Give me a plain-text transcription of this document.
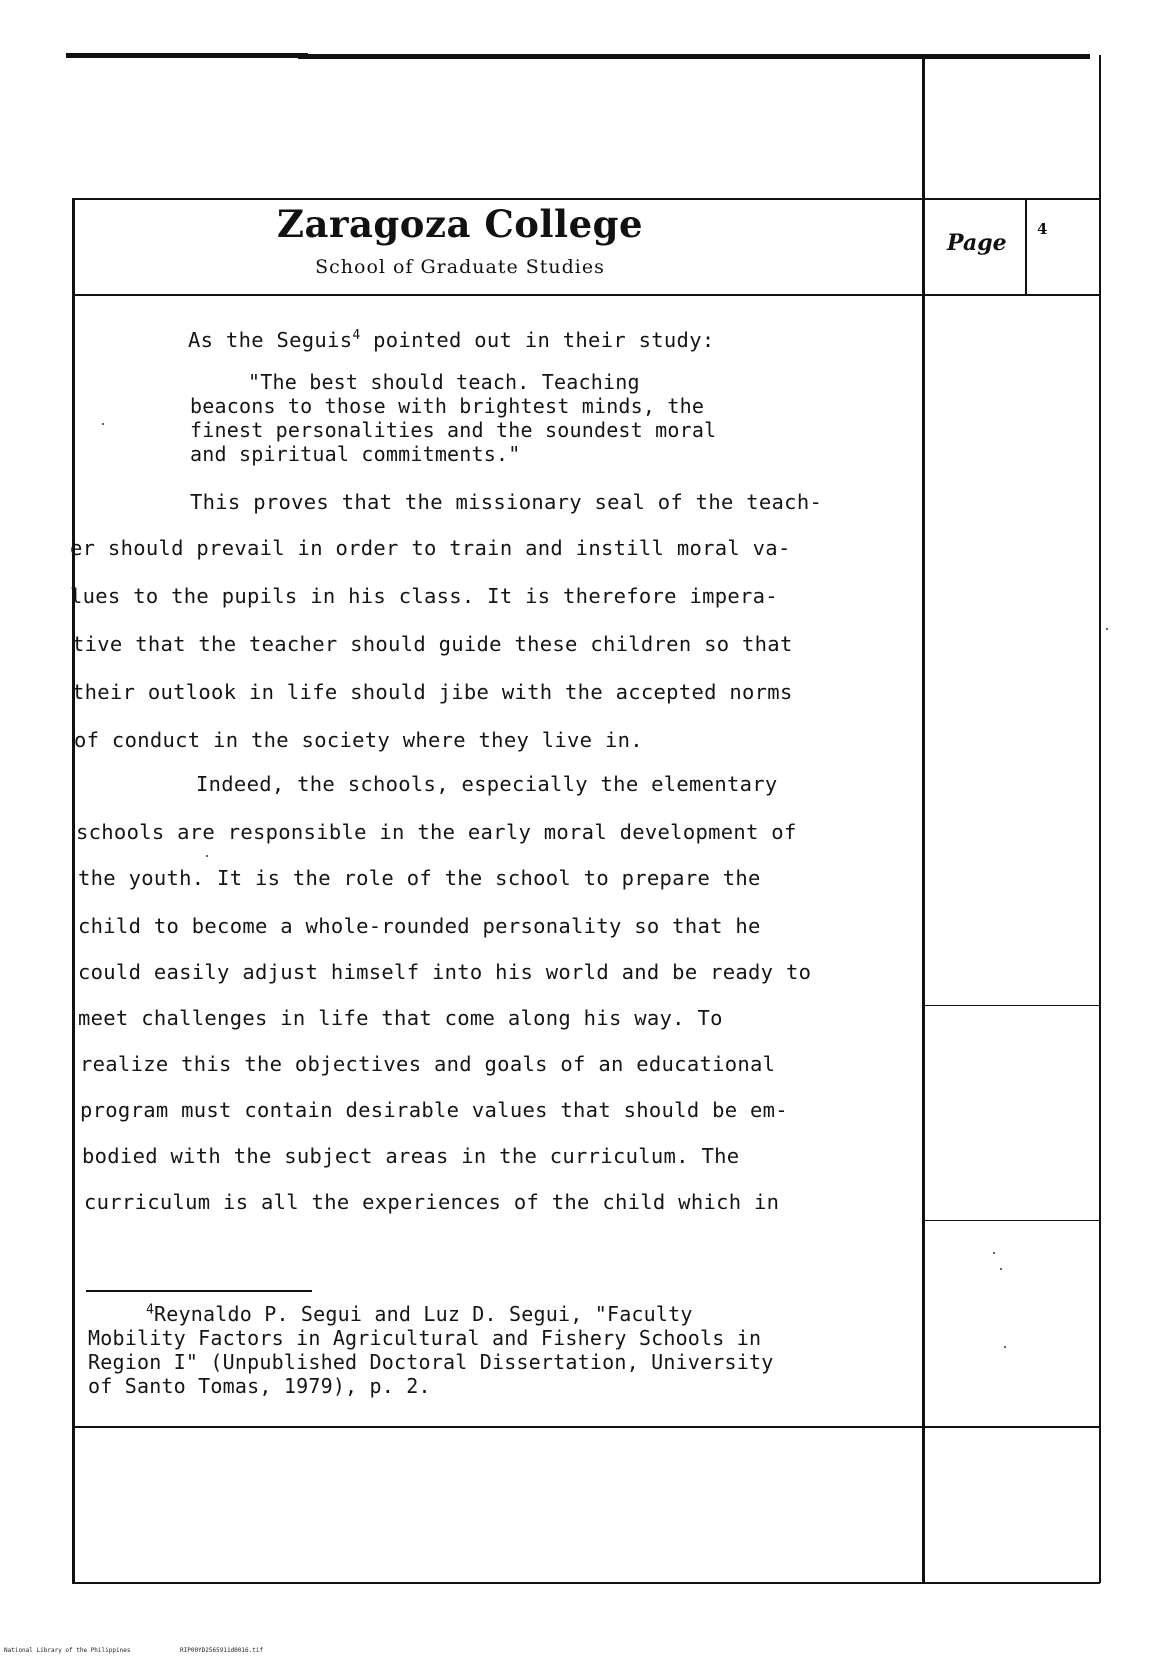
Zaragoza College
School of Graduate Studies
Page
4
As the Seguis$^4$ pointed out in their study:
"The best should teach. Teaching
beacons to those with brightest minds, the
finest personalities and the soundest moral
and spiritual commitments."
This proves that the missionary seal of the teach-
er should prevail in order to train and instill moral va-
lues to the pupils in his class. It is therefore impera-
tive that the teacher should guide these children so that
their outlook in life should jibe with the accepted norms
of conduct in the society where they live in.
Indeed, the schools, especially the elementary
schools are responsible in the early moral development of
the youth. It is the role of the school to prepare the
child to become a whole-rounded personality so that he
could easily adjust himself into his world and be ready to
meet challenges in life that come along his way. To
realize this the objectives and goals of an educational
program must contain desirable values that should be em-
bodied with the subject areas in the curriculum. The
curriculum is all the experiences of the child which in
$^4$Reynaldo P. Segui and Luz D. Segui, "Faculty
Mobility Factors in Agricultural and Fishery Schools in
Region I" (Unpublished Doctoral Dissertation, University
of Santo Tomas, 1979), p. 2.
National Library of the Philippines	RIP00YD2565911d0016.tif
